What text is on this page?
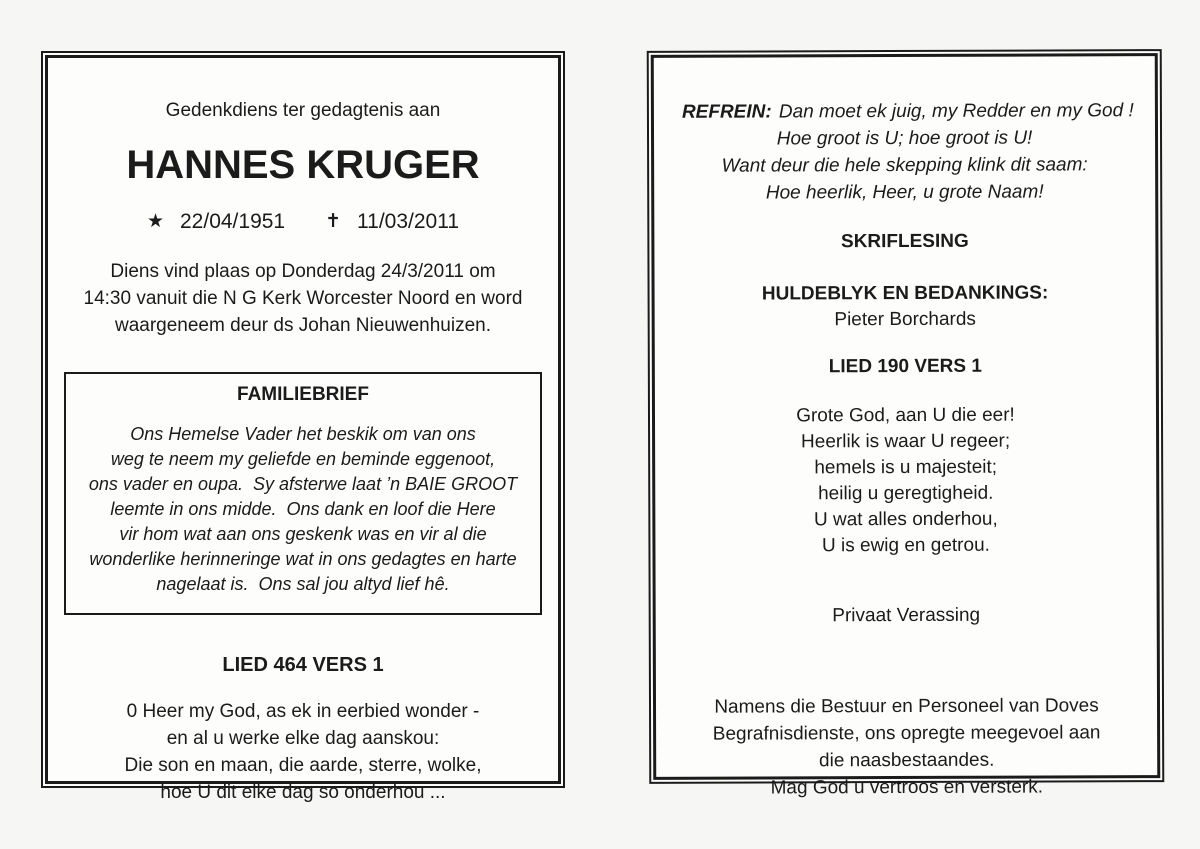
Gedenkdiens ter gedagtenis aan
HANNES KRUGER
★ 22/04/1951 ✝ 11/03/2011
Diens vind plaas op Donderdag 24/3/2011 om
14:30 vanuit die N G Kerk Worcester Noord en word
waargeneem deur ds Johan Nieuwenhuizen.
FAMILIEBRIEF
Ons Hemelse Vader het beskik om van ons
weg te neem my geliefde en beminde eggenoot,
ons vader en oupa.  Sy afsterwe laat ’n BAIE GROOT
leemte in ons midde.  Ons dank en loof die Here
vir hom wat aan ons geskenk was en vir al die
wonderlike herinneringe wat in ons gedagtes en harte
nagelaat is.  Ons sal jou altyd lief hê.
LIED 464 VERS 1
0 Heer my God, as ek in eerbied wonder -
en al u werke elke dag aanskou:
Die son en maan, die aarde, sterre, wolke,
hoe U dit elke dag so onderhou ...
REFREIN: Dan moet ek juig, my Redder en my God !
Hoe groot is U; hoe groot is U!
Want deur die hele skepping klink dit saam:
Hoe heerlik, Heer, u grote Naam!
SKRIFLESING
HULDEBLYK EN BEDANKINGS:
Pieter Borchards
LIED 190 VERS 1
Grote God, aan U die eer!
Heerlik is waar U regeer;
hemels is u majesteit;
heilig u geregtigheid.
U wat alles onderhou,
U is ewig en getrou.
Privaat Verassing
Namens die Bestuur en Personeel van Doves
Begrafnisdienste, ons opregte meegevoel aan
die naasbestaandes.
Mag God u vertroos en versterk.
